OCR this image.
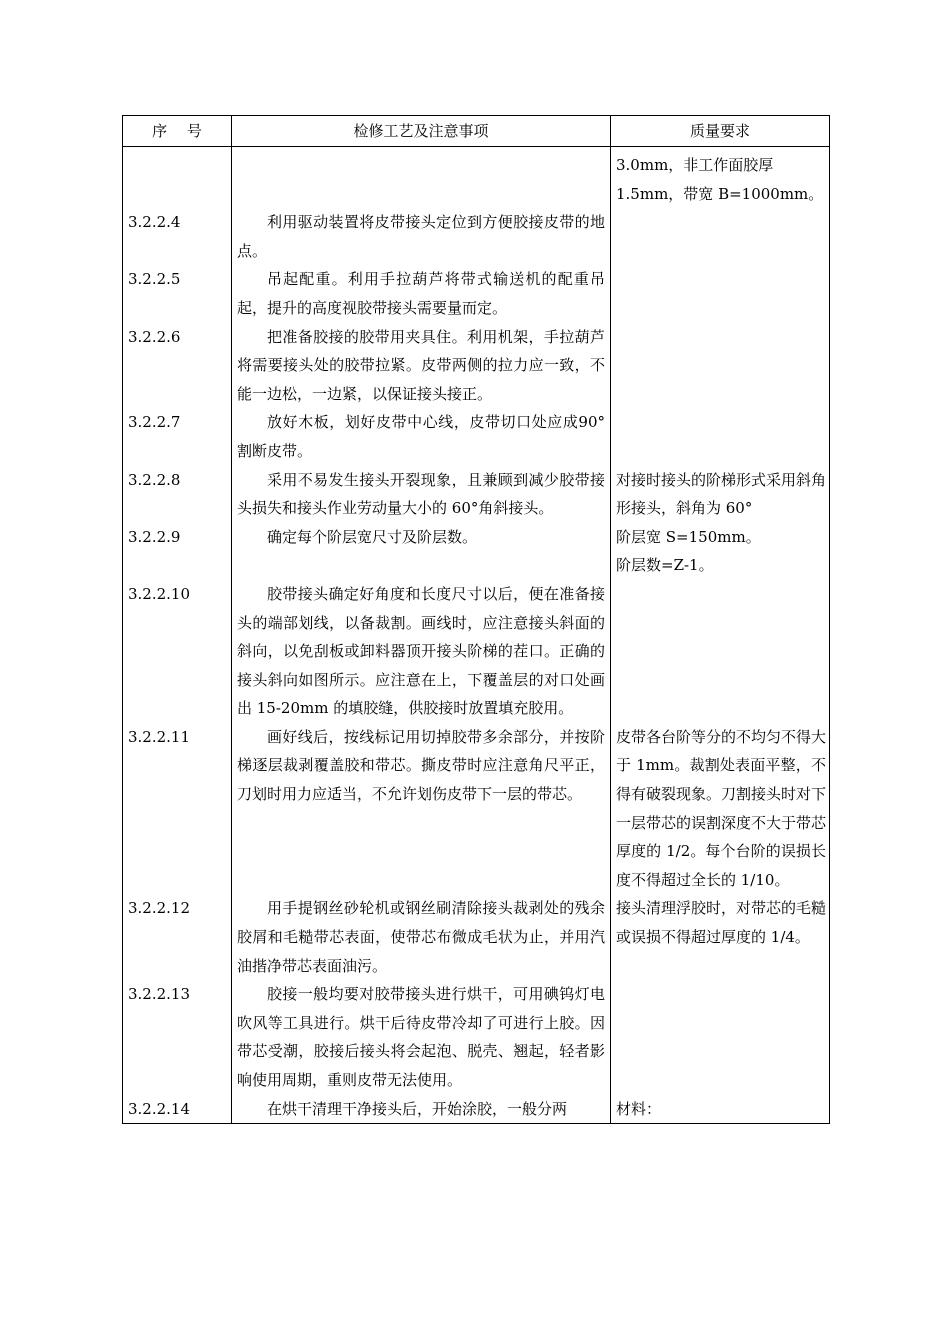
序　 号	检修工艺及注意事项	质量要求

		3.0mm，非工作面胶厚
1.5mm，带宽 B=1000mm。

3.2.2.4	利用驱动装置将皮带接头定位到方便胶接皮带的地点。	
3.2.2.5	吊起配重。利用手拉葫芦将带式输送机的配重吊起，提升的高度视胶带接头需要量而定。	
3.2.2.6	把准备胶接的胶带用夹具住。利用机架，手拉葫芦将需要接头处的胶带拉紧。皮带两侧的拉力应一致，不能一边松，一边紧，以保证接头接正。	
3.2.2.7	放好木板，划好皮带中心线，皮带切口处应成90°割断皮带。	
3.2.2.8	采用不易发生接头开裂现象，且兼顾到减少胶带接头损失和接头作业劳动量大小的 60°角斜接头。	对接时接头的阶梯形式采用斜角形接头，斜角为 60°

3.2.2.9	确定每个阶层宽尺寸及阶层数。	阶层宽 S=150mm。
阶层数=Z-1。

3.2.2.10	胶带接头确定好角度和长度尺寸以后，便在准备接头的端部划线，以备裁割。画线时，应注意接头斜面的斜向，以免刮板或卸料器顶开接头阶梯的茬口。正确的接头斜向如图所示。应注意在上，下覆盖层的对口处画出 15-20mm 的填胶缝，供胶接时放置填充胶用。	
3.2.2.11	画好线后，按线标记用切掉胶带多余部分，并按阶梯逐层裁剥覆盖胶和带芯。撕皮带时应注意角尺平正，刀划时用力应适当，不允许划伤皮带下一层的带芯。	皮带各台阶等分的不均匀不得大于 1mm。裁割处表面平整，不得有破裂现象。刀割接头时对下一层带芯的误割深度不大于带芯厚度的 1/2。每个台阶的误损长度不得超过全长的 1/10。

3.2.2.12	用手提钢丝砂轮机或钢丝刷清除接头裁剥处的残余胶屑和毛糙带芯表面，使带芯布微成毛状为止，并用汽油揩净带芯表面油污。	接头清理浮胶时，对带芯的毛糙或误损不得超过厚度的 1/4。

3.2.2.13	胶接一般均要对胶带接头进行烘干，可用碘钨灯电吹风等工具进行。烘干后待皮带冷却了可进行上胶。因带芯受潮，胶接后接头将会起泡、脱壳、翘起，轻者影响使用周期，重则皮带无法使用。	
3.2.2.14	在烘干清理干净接头后，开始涂胶，一般分两	材料：
